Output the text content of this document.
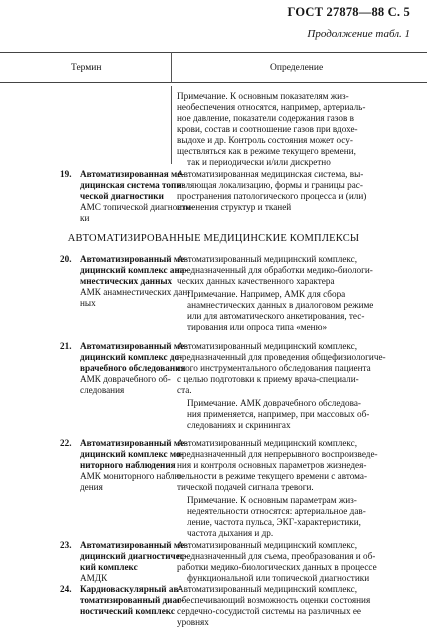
ГОСТ 27878—88 С. 5
Продолжение табл. 1
Термин	Определение
Примечание. К основным показателям жиз-
необеспечения относятся, например, артериаль-
ное давление, показатели содержания газов в
крови, состав и соотношение газов при вдохе-
выдохе и др. Контроль состояния может осу-
ществляться как в режиме текущего времени,
так и периодически и/или дискретно
19. Автоматизированная ме-
дицинская система топи-
ческой диагностики
АМС топической диагности-
ки
Автоматизированная медицинская система, вы-
являющая локализацию, формы и границы рас-
пространения патологического процесса и (или)
изменения структур и тканей
АВТОМАТИЗИРОВАННЫЕ МЕДИЦИНСКИЕ КОМПЛЕКСЫ
20. Автоматизированный ме-
дицинский комплекс ана-
мнестических данных
АМК анамнестических дан-
ных
Автоматизированный медицинский комплекс,
предназначенный для обработки медико-биологи-
ческих данных качественного характера
Примечание. Например, АМК для сбора
анамнестических данных в диалоговом режиме
или для автоматического анкетирования, тес-
тирования или опроса типа «меню»
21. Автоматизированный ме-
дицинский комплекс до-
врачебного обследования
АМК доврачебного об-
следования
Автоматизированный медицинский комплекс,
предназначенный для проведения общефизиологиче-
ского инструментального обследования пациента
с целью подготовки к приему врача-специали-
ста.
Примечание. АМК доврачебного обследова-
ния применяется, например, при массовых об-
следованиях и скринингах
22. Автоматизированный ме-
дицинский комплекс мо-
ниторного наблюдения
АМК мониторного наблю-
дения
Автоматизированный медицинский комплекс,
предназначенный для непрерывного воспроизведе-
ния и контроля основных параметров жизнедея-
тельности в режиме текущего времени с автома-
тической подачей сигнала тревоги.
Примечание. К основным параметрам жиз-
недеятельности относятся: артериальное дав-
ление, частота пульса, ЭКГ-характеристики,
частота дыхания и др.
23. Автоматизированный ме-
дицинский диагностичес-
кий комплекс
АМДК
Автоматизированный медицинский комплекс,
предназначенный для съема, преобразования и об-
работки медико-биологических данных в процессе
функциональной или топической диагностики
24. Кардиоваскулярный ав-
томатизированный диаг-
ностический комплекс
Автоматизированный медицинский комплекс,
обеспечивающий возможность оценки состояния
сердечно-сосудистой системы на различных ее
уровнях
